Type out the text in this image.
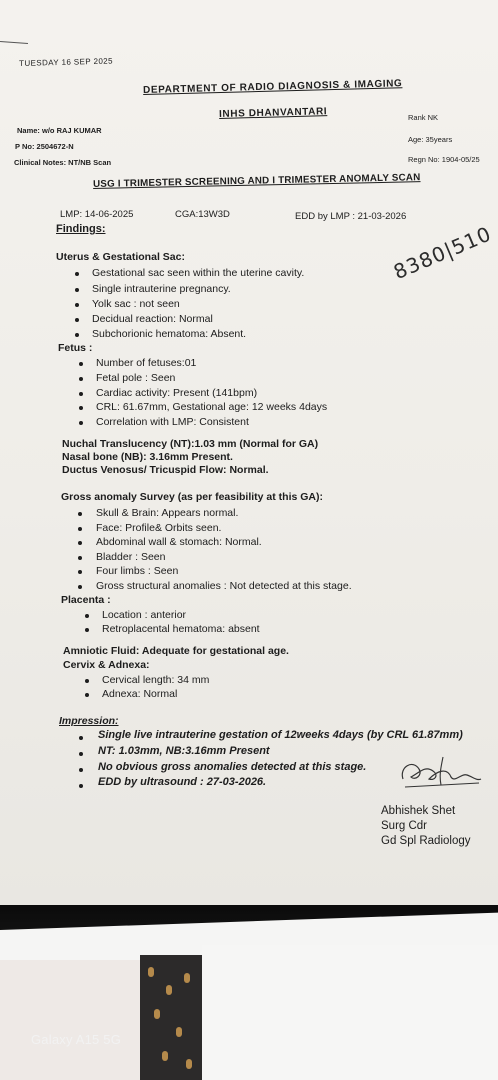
TUESDAY 16 SEP 2025
DEPARTMENT OF RADIO DIAGNOSIS & IMAGING
INHS DHANVANTARI
Name: w/o RAJ KUMAR
P No: 2504672-N
Clinical Notes: NT/NB Scan
Rank NK
Age: 35years
Regn No: 1904-05/25
USG I TRIMESTER SCREENING AND I TRIMESTER ANOMALY SCAN
LMP: 14-06-2025	CGA:13W3D	EDD by LMP : 21-03-2026
Findings:	8380|510
Uterus & Gestational Sac:
Gestational sac seen within the uterine cavity.
Single intrauterine pregnancy.
Yolk sac : not seen
Decidual reaction: Normal
Subchorionic hematoma: Absent.
Fetus :
Number of fetuses:01
Fetal pole : Seen
Cardiac activity: Present (141bpm)
CRL: 61.67mm, Gestational age: 12 weeks 4days
Correlation with LMP: Consistent
Nuchal Translucency (NT):1.03 mm (Normal for GA)
Nasal bone (NB): 3.16mm Present.
Ductus Venosus/ Tricuspid Flow: Normal.
Gross anomaly Survey (as per feasibility at this GA):
Skull & Brain: Appears normal.
Face: Profile& Orbits seen.
Abdominal wall & stomach: Normal.
Bladder : Seen
Four limbs : Seen
Gross structural anomalies : Not detected at this stage.
Placenta :
Location : anterior
Retroplacental hematoma: absent
Amniotic Fluid: Adequate for gestational age.
Cervix & Adnexa:
Cervical length: 34 mm
Adnexa: Normal
Impression:
Single live intrauterine gestation of 12weeks 4days (by CRL 61.87mm)
NT: 1.03mm, NB:3.16mm Present
No obvious gross anomalies detected at this stage.
EDD by ultrasound : 27-03-2026.
Abhishek Shet
Surg Cdr
Gd Spl Radiology
Galaxy A15 5G
